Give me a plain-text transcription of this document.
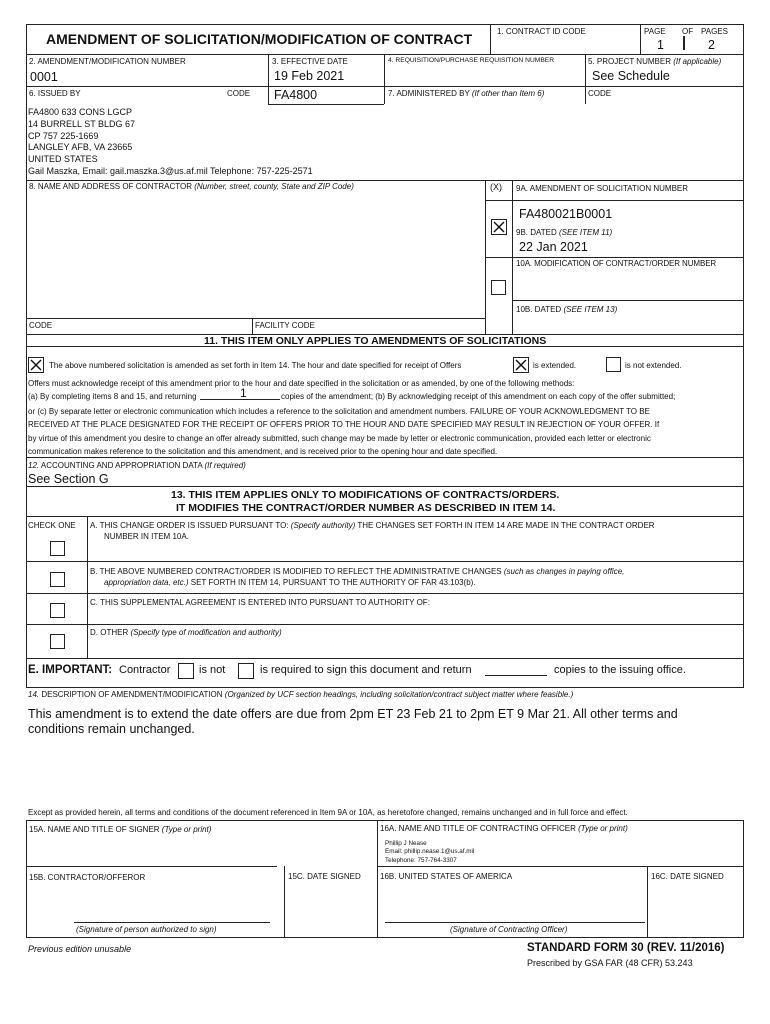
AMENDMENT OF SOLICITATION/MODIFICATION OF CONTRACT	1. CONTRACT ID CODE	PAGE OF PAGES
1	2
2. AMENDMENT/MODIFICATION NUMBER
0001
3. EFFECTIVE DATE
19 Feb 2021
4. REQUISITION/PURCHASE REQUISITION NUMBER	5. PROJECT NUMBER (If applicable)
See Schedule
6. ISSUED BY	CODE FA4800	7. ADMINISTERED BY (If other than Item 6)	CODE
FA4800 633 CONS LGCP
14 BURRELL ST BLDG 67
CP 757 225-1669
LANGLEY AFB, VA 23665
UNITED STATES
Gail Maszka, Email: gail.maszka.3@us.af.mil Telephone: 757-225-2571
8. NAME AND ADDRESS OF CONTRACTOR (Number, street, county, State and ZIP Code)	(X) 9A. AMENDMENT OF SOLICITATION NUMBER
FA480021B0001
9B. DATED (SEE ITEM 11)
22 Jan 2021
10A. MODIFICATION OF CONTRACT/ORDER NUMBER
10B. DATED (SEE ITEM 13)
CODE	FACILITY CODE
11. THIS ITEM ONLY APPLIES TO AMENDMENTS OF SOLICITATIONS
The above numbered solicitation is amended as set forth in Item 14. The hour and date specified for receipt of Offers	is extended.	is not extended.
Offers must acknowledge receipt of this amendment prior to the hour and date specified in the solicitation or as amended, by one of the following methods:
(a) By completing items 8 and 15, and returning	1	copies of the amendment; (b) By acknowledging receipt of this amendment on each copy of the offer submitted;
or (c) By separate letter or electronic communication which includes a reference to the solicitation and amendment numbers. FAILURE OF YOUR ACKNOWLEDGMENT TO BE
RECEIVED AT THE PLACE DESIGNATED FOR THE RECEIPT OF OFFERS PRIOR TO THE HOUR AND DATE SPECIFIED MAY RESULT IN REJECTION OF YOUR OFFER. If
by virtue of this amendment you desire to change an offer already submitted, such change may be made by letter or electronic communication, provided each letter or electronic
communication makes reference to the solicitation and this amendment, and is received prior to the opening hour and date specified.
12. ACCOUNTING AND APPROPRIATION DATA (If required)
See Section G
13. THIS ITEM APPLIES ONLY TO MODIFICATIONS OF CONTRACTS/ORDERS.
IT MODIFIES THE CONTRACT/ORDER NUMBER AS DESCRIBED IN ITEM 14.
CHECK ONE A. THIS CHANGE ORDER IS ISSUED PURSUANT TO: (Specify authority) THE CHANGES SET FORTH IN ITEM 14 ARE MADE IN THE CONTRACT ORDER
NUMBER IN ITEM 10A.
B. THE ABOVE NUMBERED CONTRACT/ORDER IS MODIFIED TO REFLECT THE ADMINISTRATIVE CHANGES (such as changes in paying office,
appropriation data, etc.) SET FORTH IN ITEM 14, PURSUANT TO THE AUTHORITY OF FAR 43.103(b).
C. THIS SUPPLEMENTAL AGREEMENT IS ENTERED INTO PURSUANT TO AUTHORITY OF:
D. OTHER (Specify type of modification and authority)
E. IMPORTANT: Contractor	is not	is required to sign this document and return	copies to the issuing office.
14. DESCRIPTION OF AMENDMENT/MODIFICATION (Organized by UCF section headings, including solicitation/contract subject matter where feasible.)
This amendment is to extend the date offers are due from 2pm ET 23 Feb 21 to 2pm ET 9 Mar 21. All other terms and
conditions remain unchanged.
Except as provided herein, all terms and conditions of the document referenced in Item 9A or 10A, as heretofore changed, remains unchanged and in full force and effect.
15A. NAME AND TITLE OF SIGNER (Type or print)	16A. NAME AND TITLE OF CONTRACTING OFFICER (Type or print)
Phillip J Nease
Email: phillip.nease.1@us.af.mil
Telephone: 757-764-3307
15B. CONTRACTOR/OFFEROR	15C. DATE SIGNED 16B. UNITED STATES OF AMERICA	16C. DATE SIGNED
(Signature of person authorized to sign)	(Signature of Contracting Officer)
Previous edition unusable	STANDARD FORM 30 (REV. 11/2016)
Prescribed by GSA FAR (48 CFR) 53.243
